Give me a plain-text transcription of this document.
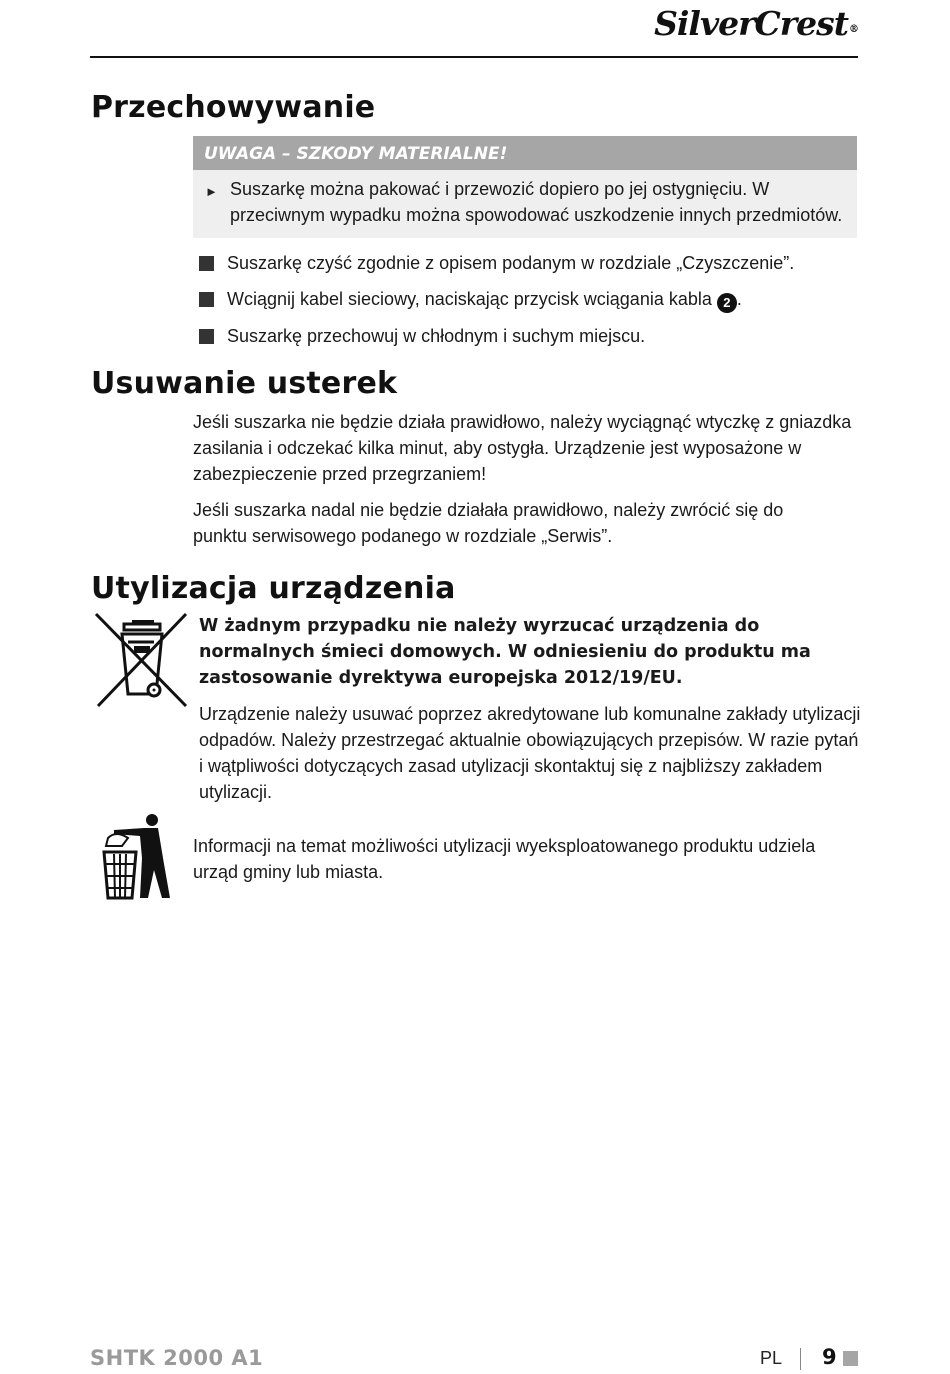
SilverCrest®
Przechowywanie
UWAGA – SZKODY MATERIALNE!
► Suszarkę można pakować i przewozić dopiero po jej ostygnięciu. W przeciwnym wypadku można spowodować uszkodzenie innych przedmiotów.
Suszarkę czyść zgodnie z opisem podanym w rozdziale „Czyszczenie”.
Wciągnij kabel sieciowy, naciskając przycisk wciągania kabla 2 .
Suszarkę przechowuj w chłodnym i suchym miejscu.
Usuwanie usterek

Jeśli suszarka nie będzie działa prawidłowo, należy wyciągnąć wtyczkę z gniazdka zasilania i odczekać kilka minut, aby ostygła. Urządzenie jest wyposażone w zabezpieczenie przed przegrzaniem!

Jeśli suszarka nadal nie będzie działała prawidłowo, należy zwrócić się do punktu serwisowego podanego w rozdziale „Serwis”.

Utylizacja urządzenia

W żadnym przypadku nie należy wyrzucać urządzenia do normalnych śmieci domowych. W odniesieniu do produktu ma zastosowanie dyrektywa europejska 2012/19/EU.

Urządzenie należy usuwać poprzez akredytowane lub komunalne zakłady utylizacji odpadów. Należy przestrzegać aktualnie obowiązujących przepisów. W razie pytań i wątpliwości dotyczących zasad utylizacji skontaktuj się z najbliższy zakładem utylizacji.

Informacji na temat możliwości utylizacji wyeksploatowanego produktu udziela urząd gminy lub miasta.

SHTK 2000 A1	PL 9
